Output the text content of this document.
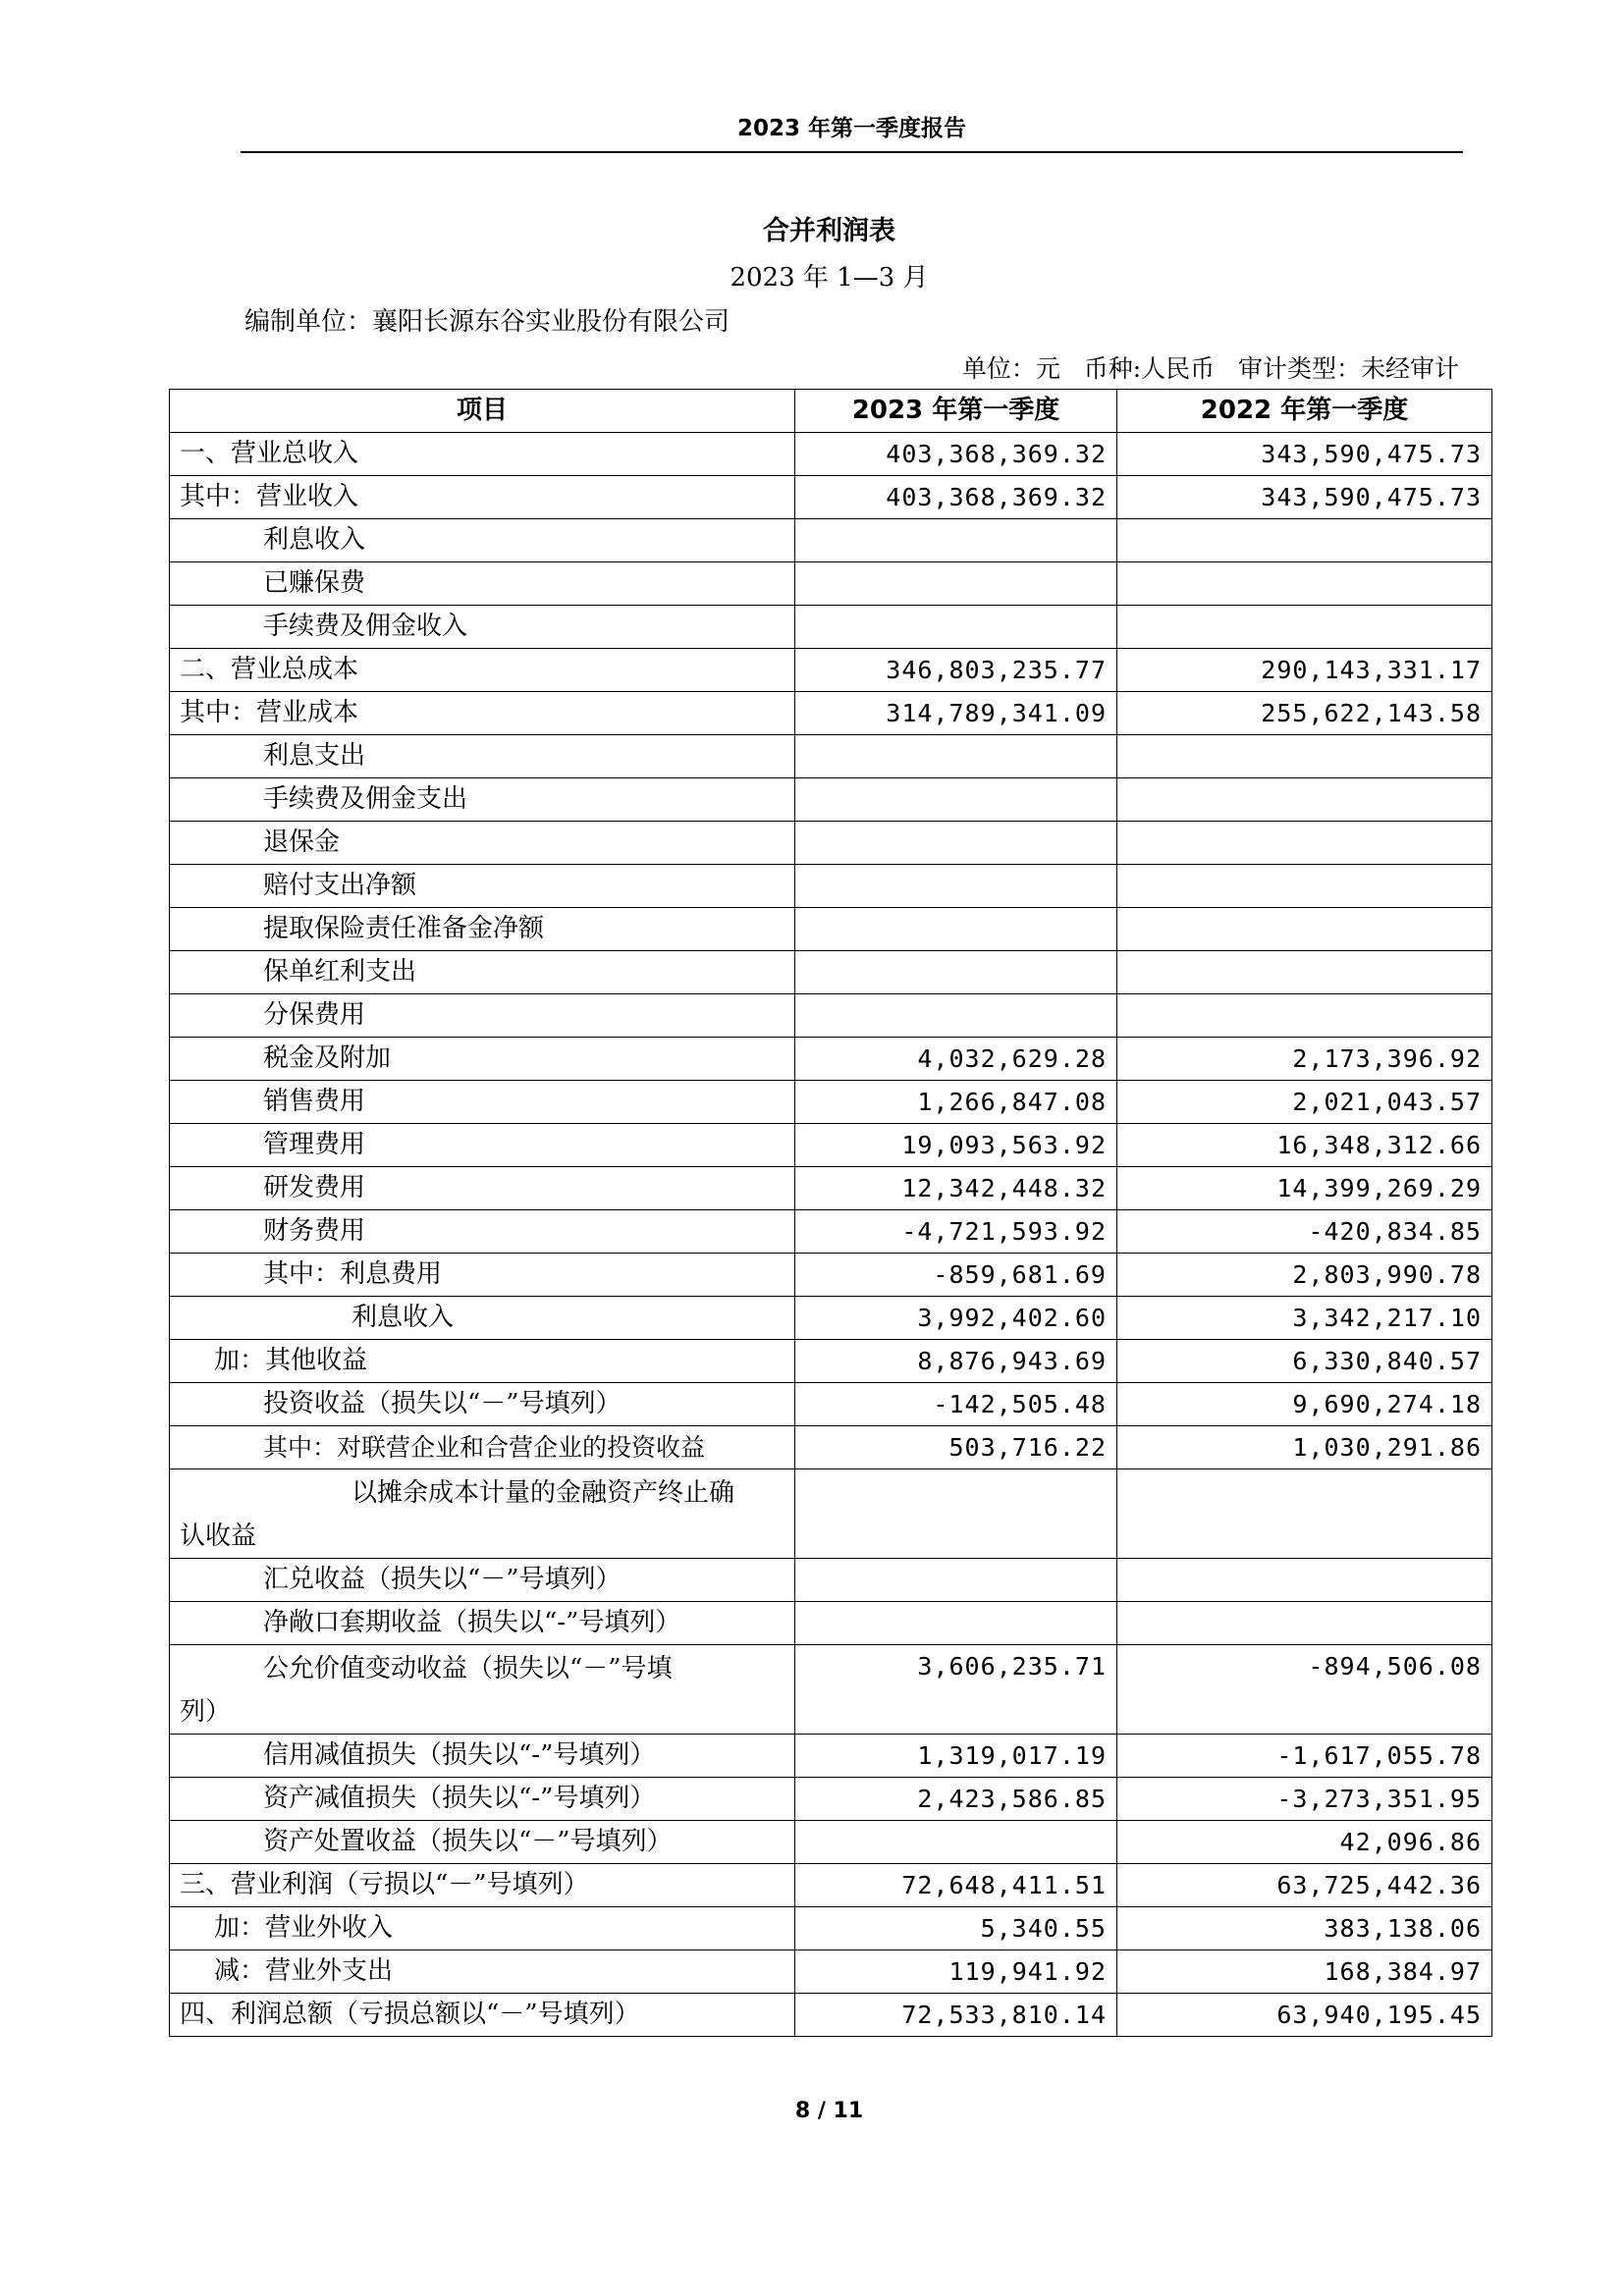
2023 年第一季度报告
合并利润表
2023 年 1—3 月
编制单位：襄阳长源东谷实业股份有限公司
单位：元   币种:人民币   审计类型：未经审计
项目	2023 年第一季度	2022 年第一季度
一、营业总收入	403,368,369.32	343,590,475.73
其中：营业收入	403,368,369.32	343,590,475.73
利息收入		
已赚保费		
手续费及佣金收入		
二、营业总成本	346,803,235.77	290,143,331.17
其中：营业成本	314,789,341.09	255,622,143.58
利息支出		
手续费及佣金支出		
退保金		
赔付支出净额		
提取保险责任准备金净额		
保单红利支出		
分保费用		
税金及附加	4,032,629.28	2,173,396.92
销售费用	1,266,847.08	2,021,043.57
管理费用	19,093,563.92	16,348,312.66
研发费用	12,342,448.32	14,399,269.29
财务费用	-4,721,593.92	-420,834.85
其中：利息费用	-859,681.69	2,803,990.78
利息收入	3,992,402.60	3,342,217.10
加：其他收益	8,876,943.69	6,330,840.57
投资收益（损失以“－”号填列）	-142,505.48	9,690,274.18
其中：对联营企业和合营企业的投资收益	503,716.22	1,030,291.86

以摊余成本计量的金融资产终止确
认收益		

汇兑收益（损失以“－”号填列）		
净敞口套期收益（损失以“-”号填列）		

公允价值变动收益（损失以“－”号填
列）	3,606,235.71	-894,506.08
信用减值损失（损失以“-”号填列）	1,319,017.19	-1,617,055.78
资产减值损失（损失以“-”号填列）	2,423,586.85	-3,273,351.95
资产处置收益（损失以“－”号填列）		42,096.86
三、营业利润（亏损以“－”号填列）	72,648,411.51	63,725,442.36
加：营业外收入	5,340.55	383,138.06
减：营业外支出	119,941.92	168,384.97
四、利润总额（亏损总额以“－”号填列）	72,533,810.14	63,940,195.45
8 / 11
